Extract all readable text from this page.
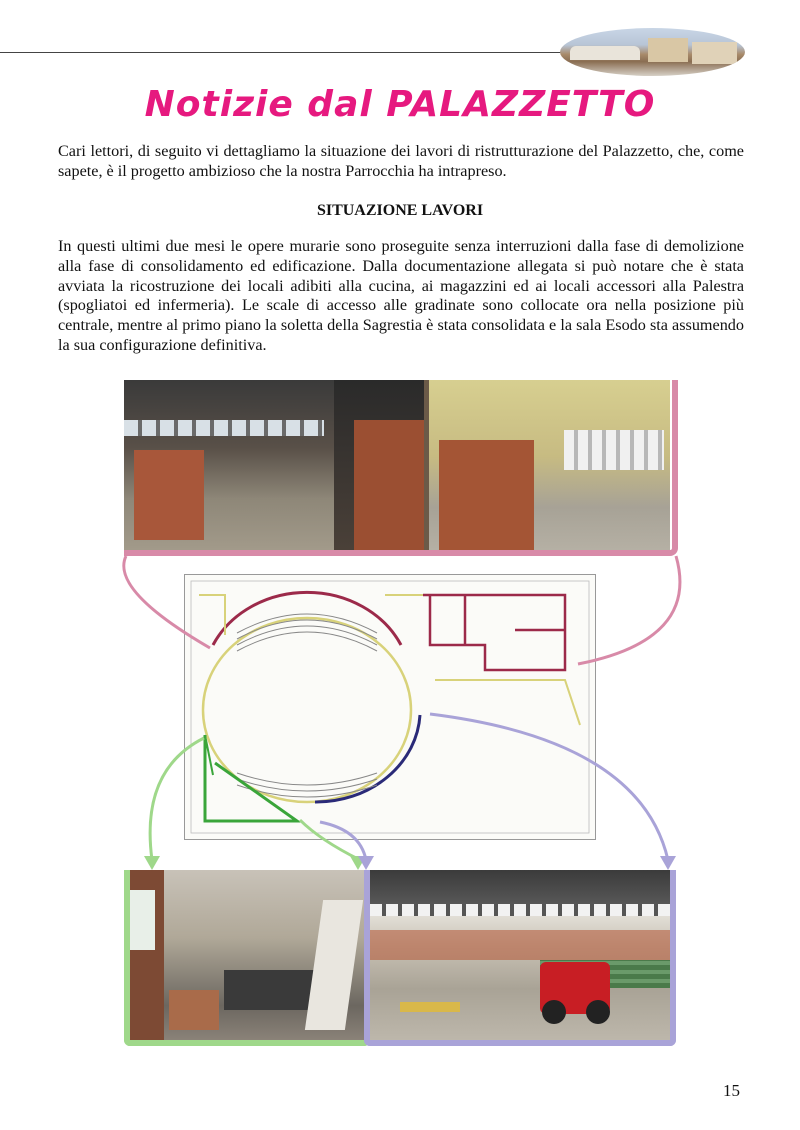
Notizie dal PALAZZETTO
Cari lettori, di seguito vi dettagliamo la situazione dei lavori di ristrutturazione del Palazzetto, che, come sapete, è il progetto ambizioso che la nostra Parrocchia ha intrapreso.
SITUAZIONE LAVORI
In questi ultimi due mesi le opere murarie sono proseguite senza interruzioni dalla fase di demolizione alla fase di consolidamento ed edificazione. Dalla documentazione allegata si può notare che è stata avviata la ricostruzione dei locali adibiti alla cucina, ai magazzini ed ai locali accessori alla Palestra (spogliatoi ed infermeria). Le scale di accesso alle gradinate sono collocate ora nella posizione più centrale, mentre al primo piano la soletta della Sagrestia è stata consolidata e la sala Esodo sta assumendo la sua configurazione definitiva.
15
